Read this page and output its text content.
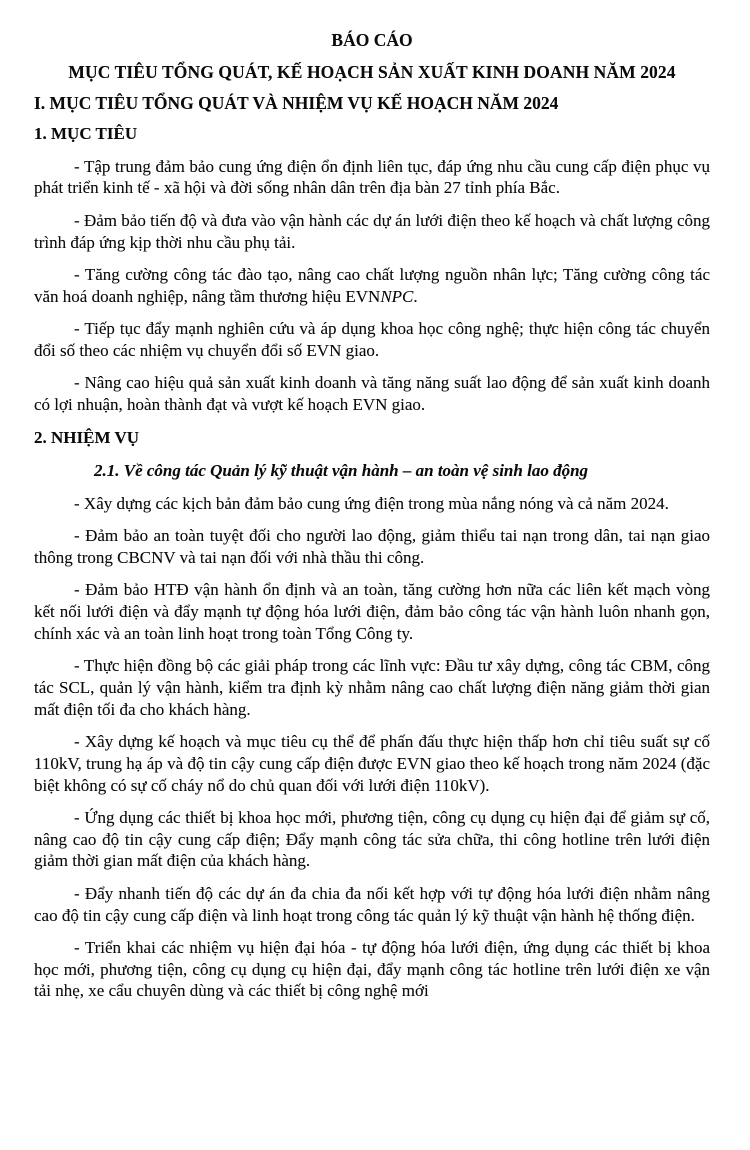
BÁO CÁO
MỤC TIÊU TỔNG QUÁT, KẾ HOẠCH SẢN XUẤT KINH DOANH NĂM 2024
I. MỤC TIÊU TỔNG QUÁT VÀ NHIỆM VỤ KẾ HOẠCH NĂM 2024
1. MỤC TIÊU

- Tập trung đảm bảo cung ứng điện ổn định liên tục, đáp ứng nhu cầu cung cấp điện phục vụ phát triển kinh tế - xã hội và đời sống nhân dân trên địa bàn 27 tỉnh phía Bắc.

- Đảm bảo tiến độ và đưa vào vận hành các dự án lưới điện theo kế hoạch và chất lượng công trình đáp ứng kịp thời nhu cầu phụ tải.

- Tăng cường công tác đào tạo, nâng cao chất lượng nguồn nhân lực; Tăng cường công tác văn hoá doanh nghiệp, nâng tầm thương hiệu EVNNPC.

- Tiếp tục đẩy mạnh nghiên cứu và áp dụng khoa học công nghệ; thực hiện công tác chuyển đổi số theo các nhiệm vụ chuyển đổi số EVN giao.

- Nâng cao hiệu quả sản xuất kinh doanh và tăng năng suất lao động để sản xuất kinh doanh có lợi nhuận, hoàn thành đạt và vượt kế hoạch EVN giao.

2. NHIỆM VỤ
2.1. Về công tác Quản lý kỹ thuật vận hành – an toàn vệ sinh lao động

- Xây dựng các kịch bản đảm bảo cung ứng điện trong mùa nắng nóng và cả năm 2024.

- Đảm bảo an toàn tuyệt đối cho người lao động, giảm thiểu tai nạn trong dân, tai nạn giao thông trong CBCNV và tai nạn đối với nhà thầu thi công.

- Đảm bảo HTĐ vận hành ổn định và an toàn, tăng cường hơn nữa các liên kết mạch vòng kết nối lưới điện và đẩy mạnh tự động hóa lưới điện, đảm bảo công tác vận hành luôn nhanh gọn, chính xác và an toàn linh hoạt trong toàn Tổng Công ty.

- Thực hiện đồng bộ các giải pháp trong các lĩnh vực: Đầu tư xây dựng, công tác CBM, công tác SCL, quản lý vận hành, kiểm tra định kỳ nhằm nâng cao chất lượng điện năng giảm thời gian mất điện tối đa cho khách hàng.

- Xây dựng kế hoạch và mục tiêu cụ thể để phấn đấu thực hiện thấp hơn chỉ tiêu suất sự cố 110kV, trung hạ áp và độ tin cậy cung cấp điện được EVN giao theo kế hoạch trong năm 2024 (đặc biệt không có sự cố cháy nổ do chủ quan đối với lưới điện 110kV).

- Ứng dụng các thiết bị khoa học mới, phương tiện, công cụ dụng cụ hiện đại để giảm sự cố, nâng cao độ tin cậy cung cấp điện; Đẩy mạnh công tác sửa chữa, thi công hotline trên lưới điện giảm thời gian mất điện của khách hàng.

- Đẩy nhanh tiến độ các dự án đa chia đa nối kết hợp với tự động hóa lưới điện nhằm nâng cao độ tin cậy cung cấp điện và linh hoạt trong công tác quản lý kỹ thuật vận hành hệ thống điện.

- Triển khai các nhiệm vụ hiện đại hóa - tự động hóa lưới điện, ứng dụng các thiết bị khoa học mới, phương tiện, công cụ dụng cụ hiện đại, đẩy mạnh công tác hotline trên lưới điện xe vận tải nhẹ, xe cẩu chuyên dùng và các thiết bị công nghệ mới
